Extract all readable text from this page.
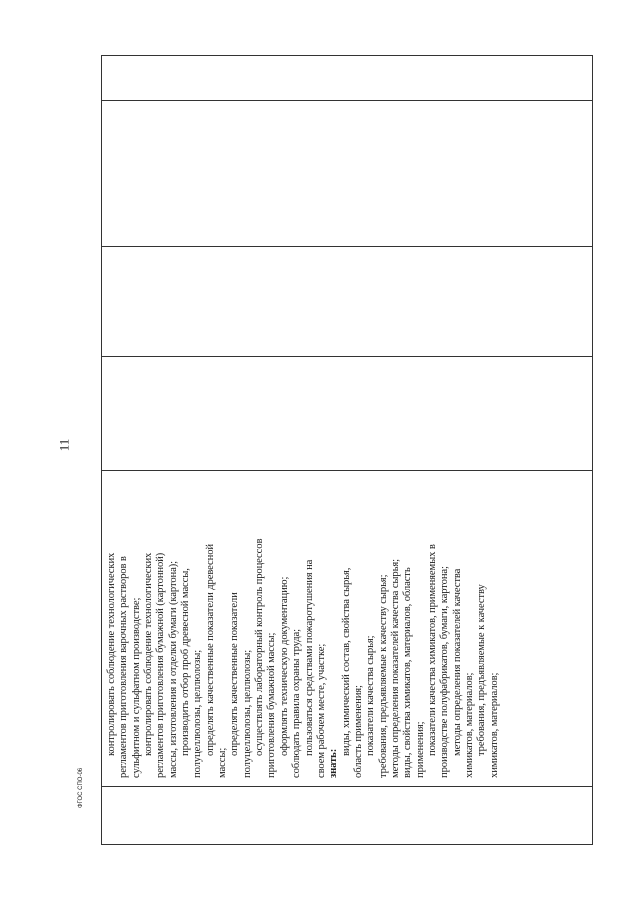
11
контролировать соблюдение технологических регламентов приготовления варочных растворов в сульфитном и сульфатном производстве; контролировать соблюдение технологических регламентов приготовления бумажной (картонной) массы, изготовления и отделки бумаги (картона); производить отбор проб древесной массы, полуцеллюлозы, целлюлозы; определять качественные показатели древесной
массы;
определять качественные показатели полуцеллюлозы, целлюлозы; осуществлять лабораторный контроль процессов приготовления бумажной массы; оформлять техническую документацию; соблюдать правила охраны труда; пользоваться средствами пожаротушения на своем рабочем месте, участке; знать:
виды, химический состав, свойства сырья, область применения; показатели качества сырья; требования, предъявляемые к качеству сырья; методы определения показателей качества сырья; виды, свойства химикатов, материалов, область применения; показатели качества химикатов, применяемых в производстве полуфабрикатов, бумаги, картона; методы определения показателей качества химикатов, материалов; требования, предъявляемые к качеству химикатов, материалов;
ФГОС СПО-06
